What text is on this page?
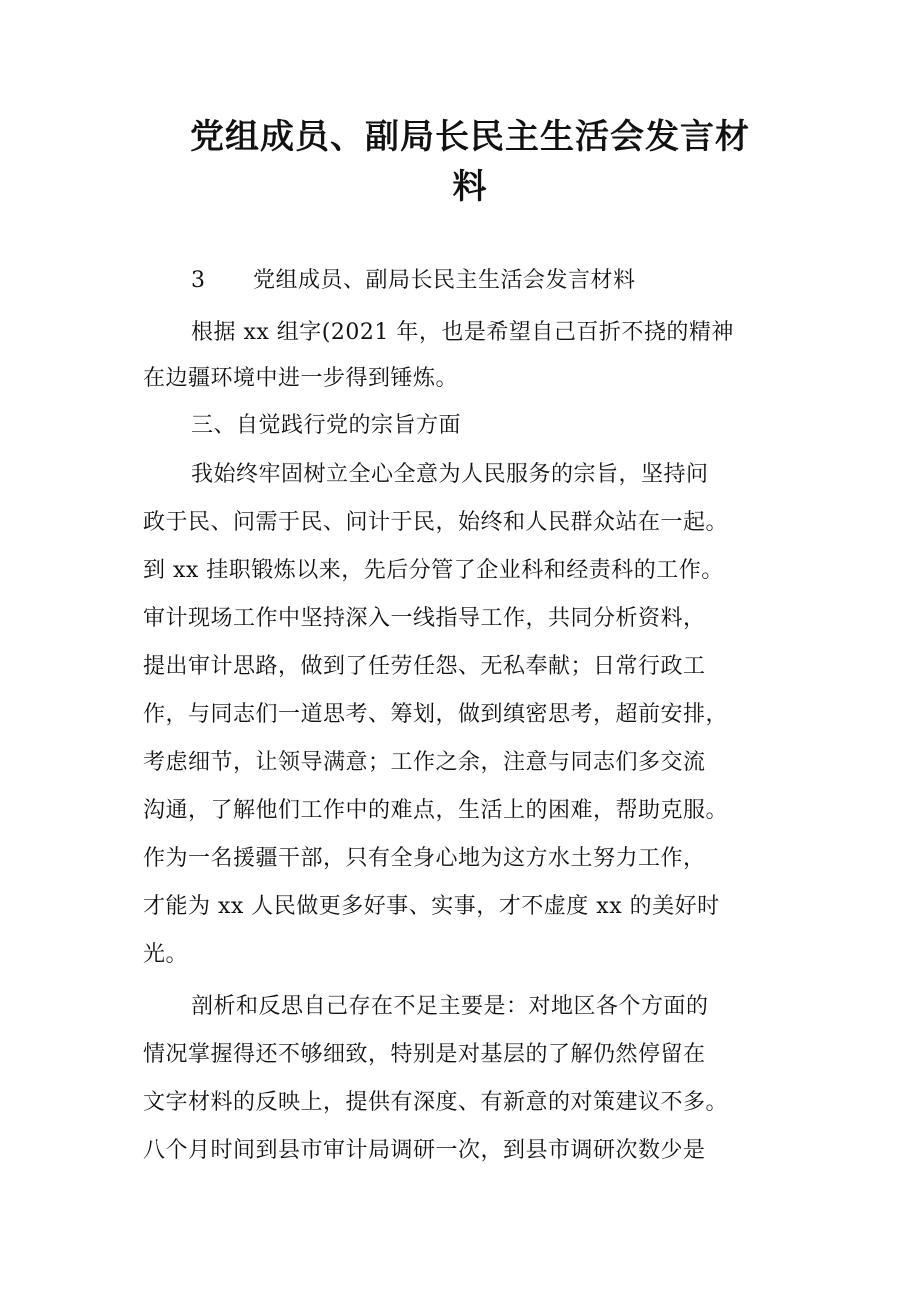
党组成员、副局长民主生活会发言材
料
3 党组成员、副局长民主生活会发言材料
根据 xx 组字(2021 年，也是希望自己百折不挠的精神
在边疆环境中进一步得到锤炼。
三、自觉践行党的宗旨方面
我始终牢固树立全心全意为人民服务的宗旨，坚持问
政于民、问需于民、问计于民，始终和人民群众站在一起。
到 xx 挂职锻炼以来，先后分管了企业科和经责科的工作。
审计现场工作中坚持深入一线指导工作，共同分析资料，
提出审计思路，做到了任劳任怨、无私奉献；日常行政工
作，与同志们一道思考、筹划，做到缜密思考，超前安排，
考虑细节，让领导满意；工作之余，注意与同志们多交流
沟通，了解他们工作中的难点，生活上的困难，帮助克服。
作为一名援疆干部，只有全身心地为这方水土努力工作，
才能为 xx 人民做更多好事、实事，才不虚度 xx 的美好时
光。
剖析和反思自己存在不足主要是：对地区各个方面的
情况掌握得还不够细致，特别是对基层的了解仍然停留在
文字材料的反映上，提供有深度、有新意的对策建议不多。
八个月时间到县市审计局调研一次，到县市调研次数少是
